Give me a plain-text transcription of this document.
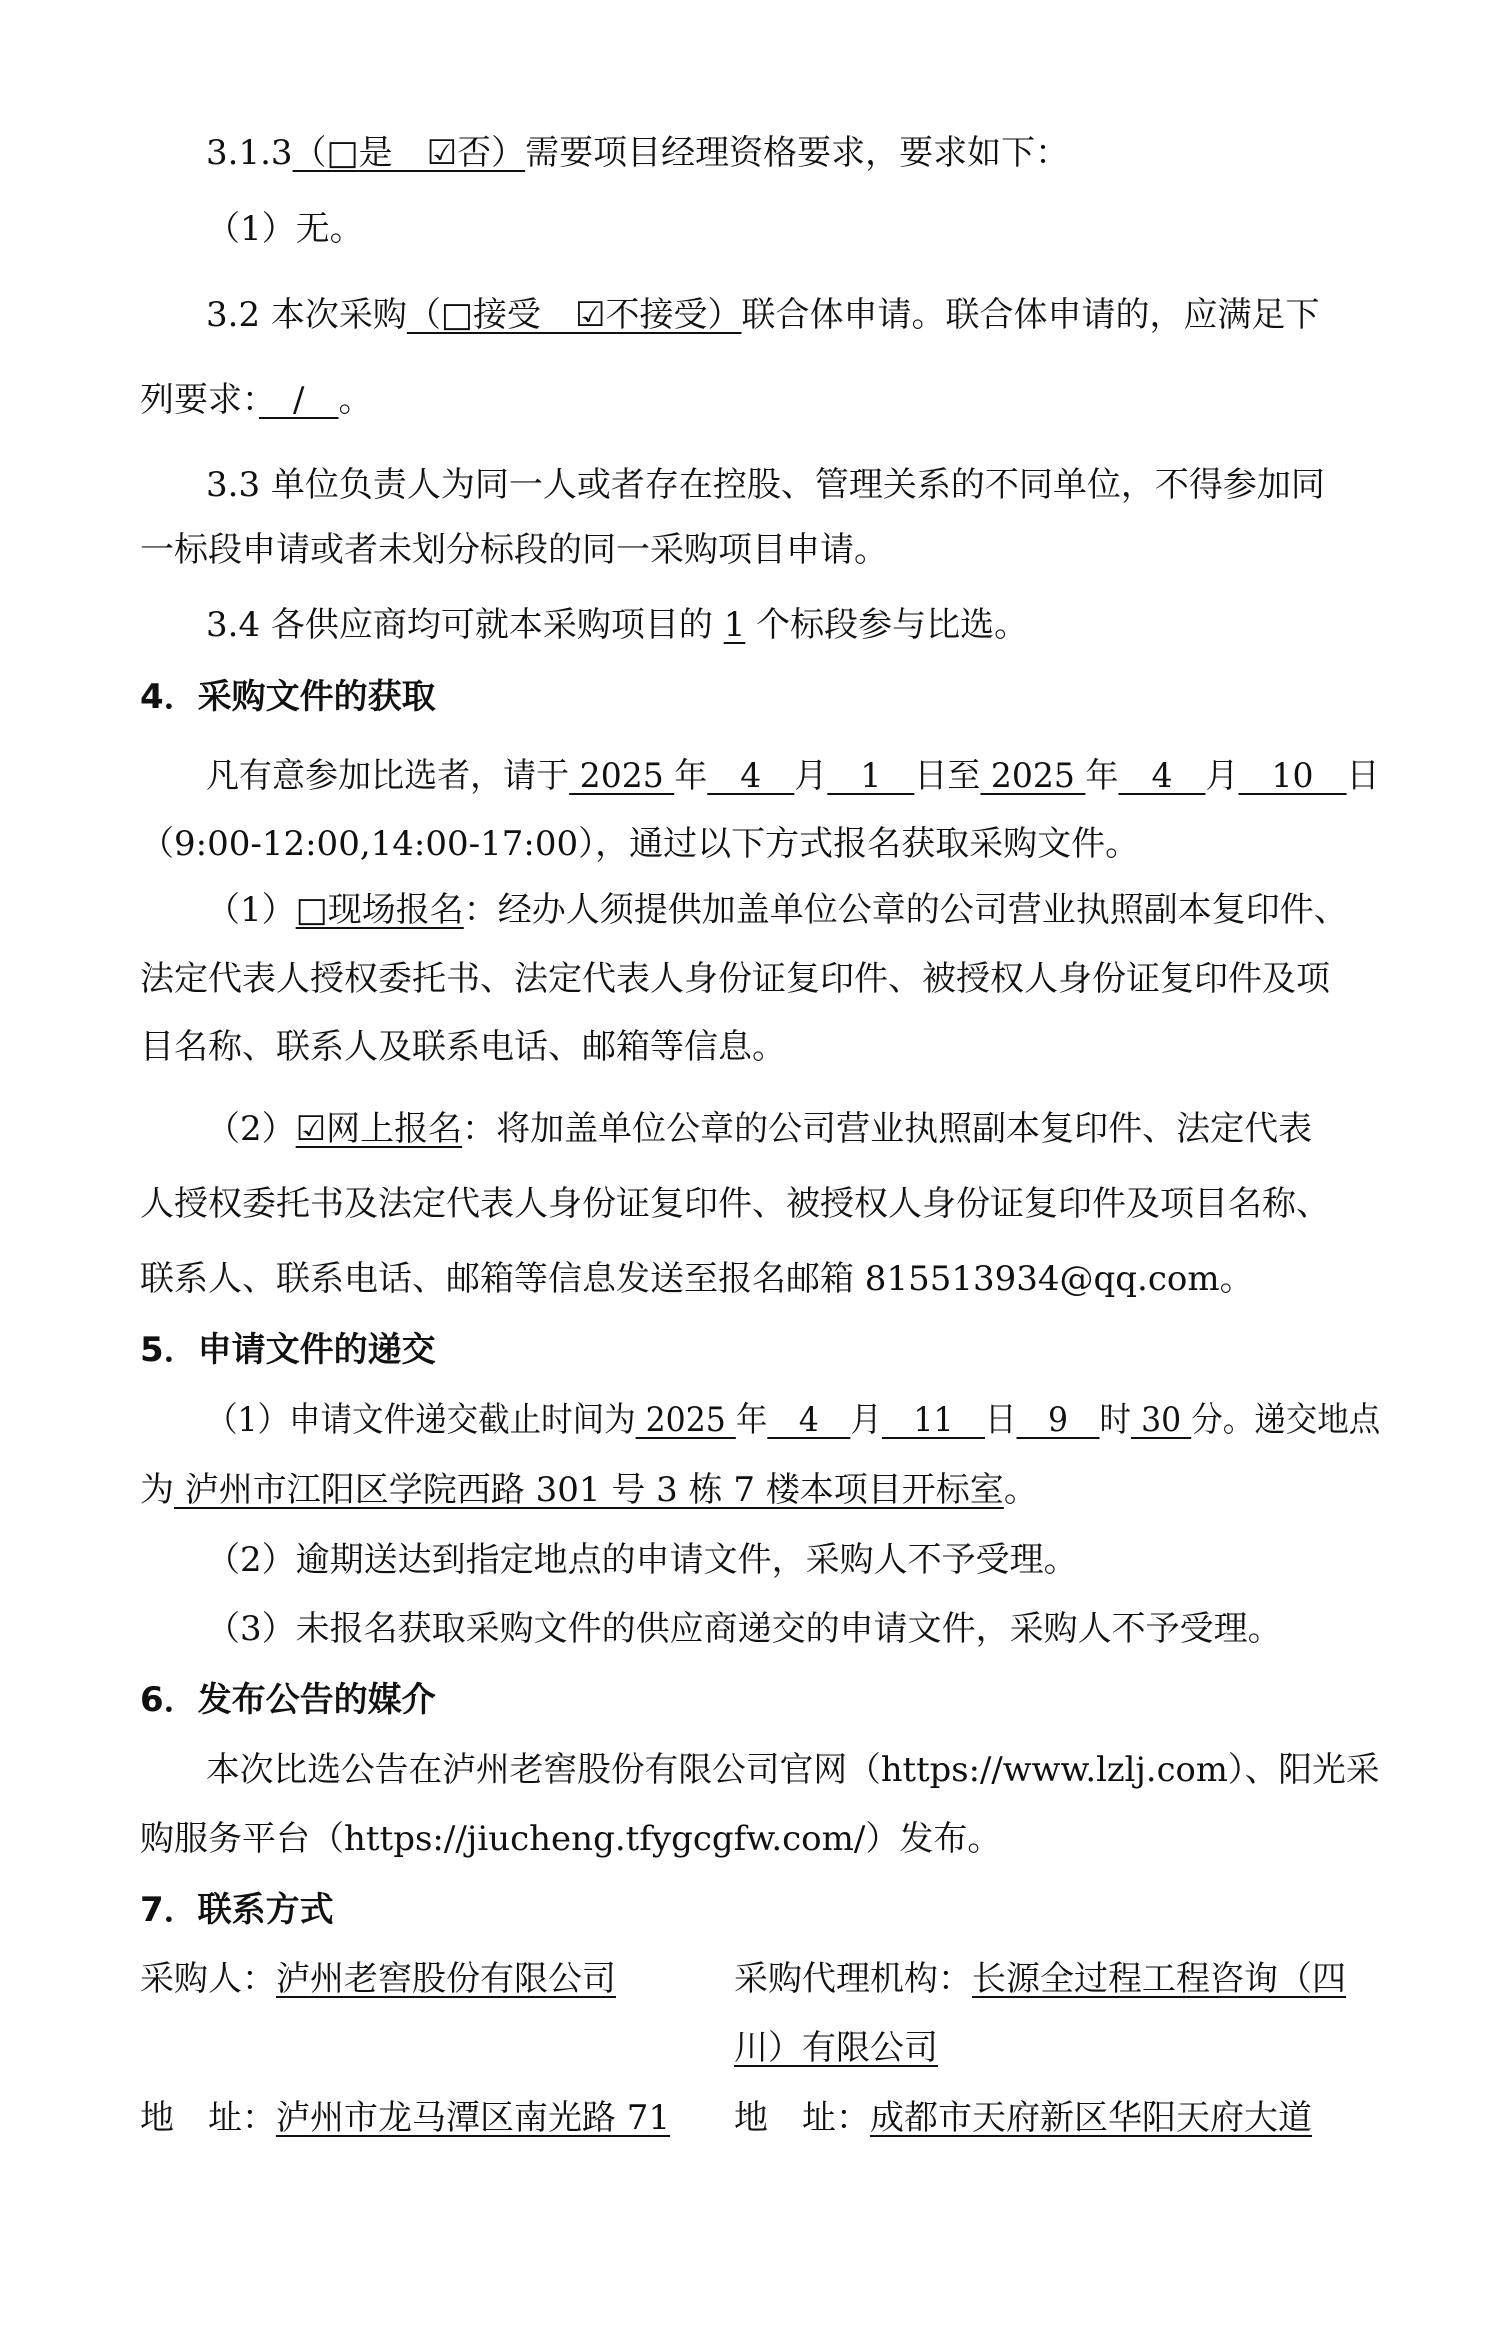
3.1.3（□是　☑否）需要项目经理资格要求，要求如下：
（1）无。
3.2 本次采购（□接受　☑不接受）联合体申请。联合体申请的，应满足下
列要求：　/　。
3.3 单位负责人为同一人或者存在控股、管理关系的不同单位，不得参加同
一标段申请或者未划分标段的同一采购项目申请。
3.4 各供应商均可就本采购项目的 1 个标段参与比选。
4．采购文件的获取
凡有意参加比选者，请于 2025 年　4　月　1　日至 2025 年　4　月　10　日
（9:00-12:00,14:00-17:00），通过以下方式报名获取采购文件。
（1）□现场报名：经办人须提供加盖单位公章的公司营业执照副本复印件、
法定代表人授权委托书、法定代表人身份证复印件、被授权人身份证复印件及项
目名称、联系人及联系电话、邮箱等信息。
（2）☑网上报名：将加盖单位公章的公司营业执照副本复印件、法定代表
人授权委托书及法定代表人身份证复印件、被授权人身份证复印件及项目名称、
联系人、联系电话、邮箱等信息发送至报名邮箱 815513934@qq.com。
5．申请文件的递交
（1）申请文件递交截止时间为 2025 年　4　月　11　日　9　时 30 分。递交地点
为 泸州市江阳区学院西路 301 号 3 栋 7 楼本项目开标室。
（2）逾期送达到指定地点的申请文件，采购人不予受理。
（3）未报名获取采购文件的供应商递交的申请文件，采购人不予受理。
6．发布公告的媒介
本次比选公告在泸州老窖股份有限公司官网（https://www.lzlj.com）、阳光采
购服务平台（https://jiucheng.tfygcgfw.com/）发布。
7．联系方式
采购人：泸州老窖股份有限公司	采购代理机构：长源全过程工程咨询（四
川）有限公司
地　址：泸州市龙马潭区南光路 71 地　址：成都市天府新区华阳天府大道
